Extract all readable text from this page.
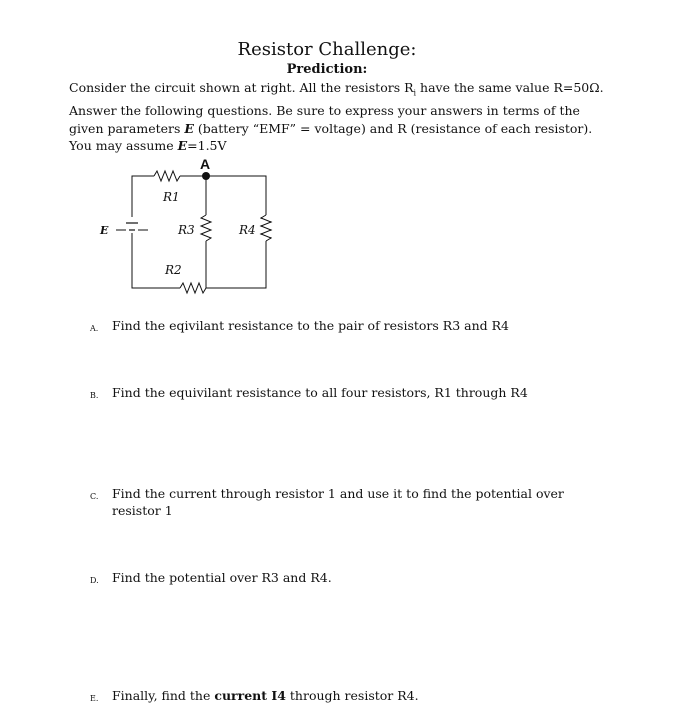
Resistor Challenge:
Prediction:

Consider the circuit shown at right. All the resistors $R_i$ have the same value R=50Ω.

Answer the following questions. Be sure to express your answers in terms of the

given parameters E (battery “EMF” = voltage) and R (resistance of each resistor).

You may assume E=1.5V

A
E
R1
R3	R4
R2
A. Find the eqivilant resistance to the pair of resistors R3 and R4
B. Find the equivilant resistance to all four resistors, R1 through R4
C. Find the current through resistor 1 and use it to find the potential over resistor 1
D. Find the potential over R3 and R4.
E. Finally, find the current I4 through resistor R4.
